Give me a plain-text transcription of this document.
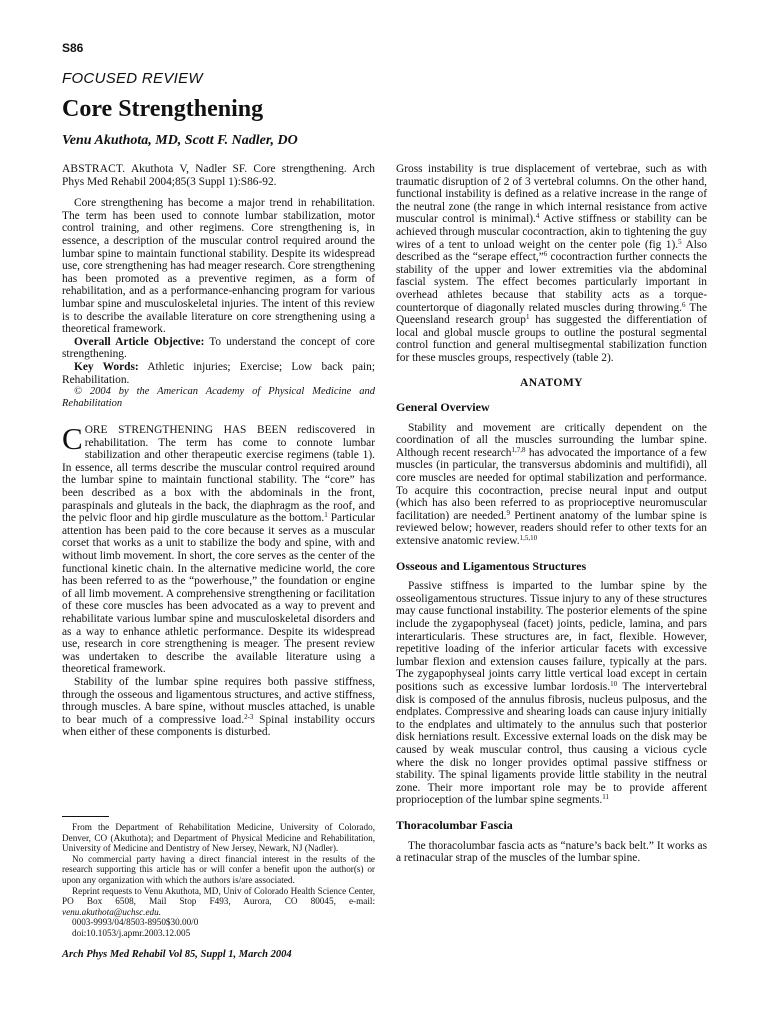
S86
FOCUSED REVIEW
Core Strengthening
Venu Akuthota, MD, Scott F. Nadler, DO

ABSTRACT. Akuthota V, Nadler SF. Core strengthening. Arch Phys Med Rehabil 2004;85(3 Suppl 1):S86-92.

Core strengthening has become a major trend in rehabilitation. The term has been used to connote lumbar stabilization, motor control training, and other regimens. Core strengthening is, in essence, a description of the muscular control required around the lumbar spine to maintain functional stability. Despite its widespread use, core strengthening has had meager research. Core strengthening has been promoted as a preventive regimen, as a form of rehabilitation, and as a performance-enhancing program for various lumbar spine and musculoskeletal injuries. The intent of this review is to describe the available literature on core strengthening using a theoretical framework.

Overall Article Objective: To understand the concept of core strengthening.

Key Words: Athletic injuries; Exercise; Low back pain; Rehabilitation.

© 2004 by the American Academy of Physical Medicine and Rehabilitation

CORE STRENGTHENING HAS BEEN rediscovered in rehabilitation. The term has come to connote lumbar stabilization and other therapeutic exercise regimens (table 1). In essence, all terms describe the muscular control required around the lumbar spine to maintain functional stability. The “core” has been described as a box with the abdominals in the front, paraspinals and gluteals in the back, the diaphragm as the roof, and the pelvic floor and hip girdle musculature as the bottom.$^1$ Particular attention has been paid to the core because it serves as a muscular corset that works as a unit to stabilize the body and spine, with and without limb movement. In short, the core serves as the center of the functional kinetic chain. In the alternative medicine world, the core has been referred to as the “powerhouse,” the foundation or engine of all limb movement. A comprehensive strengthening or facilitation of these core muscles has been advocated as a way to prevent and rehabilitate various lumbar spine and musculoskeletal disorders and as a way to enhance athletic performance. Despite its widespread use, research in core strengthening is meager. The present review was undertaken to describe the available literature using a theoretical framework.

Stability of the lumbar spine requires both passive stiffness, through the osseous and ligamentous structures, and active stiffness, through muscles. A bare spine, without muscles attached, is unable to bear much of a compressive load.$^{2-3}$ Spinal instability occurs when either of these components is disturbed.

From the Department of Rehabilitation Medicine, University of Colorado, Denver, CO (Akuthota); and Department of Physical Medicine and Rehabilitation, University of Medicine and Dentistry of New Jersey, Newark, NJ (Nadler).

No commercial party having a direct financial interest in the results of the research supporting this article has or will confer a benefit upon the author(s) or upon any organization with which the authors is/are associated.

Reprint requests to Venu Akuthota, MD, Univ of Colorado Health Science Center, PO Box 6508, Mail Stop F493, Aurora, CO 80045, e-mail: venu.akuthota@uchsc.edu.

0003-9993/04/8503-8950$30.00/0

doi:10.1053/j.apmr.2003.12.005

Gross instability is true displacement of vertebrae, such as with traumatic disruption of 2 of 3 vertebral columns. On the other hand, functional instability is defined as a relative increase in the range of the neutral zone (the range in which internal resistance from active muscular control is minimal).$^4$ Active stiffness or stability can be achieved through muscular cocontraction, akin to tightening the guy wires of a tent to unload weight on the center pole (fig 1).$^5$ Also described as the “serape effect,”$^6$ cocontraction further connects the stability of the upper and lower extremities via the abdominal fascial system. The effect becomes particularly important in overhead athletes because that stability acts as a torque-countertorque of diagonally related muscles during throwing.$^6$ The Queensland research group$^1$ has suggested the differentiation of local and global muscle groups to outline the postural segmental control function and general multisegmental stabilization function for these muscles groups, respectively (table 2).

ANATOMY
General Overview

Stability and movement are critically dependent on the coordination of all the muscles surrounding the lumbar spine. Although recent research$^{1,7,8}$ has advocated the importance of a few muscles (in particular, the transversus abdominis and multifidi), all core muscles are needed for optimal stabilization and performance. To acquire this cocontraction, precise neural input and output (which has also been referred to as proprioceptive neuromuscular facilitation) are needed.$^9$ Pertinent anatomy of the lumbar spine is reviewed below; however, readers should refer to other texts for an extensive anatomic review.$^{1,5,10}$

Osseous and Ligamentous Structures

Passive stiffness is imparted to the lumbar spine by the osseoligamentous structures. Tissue injury to any of these structures may cause functional instability. The posterior elements of the spine include the zygapophyseal (facet) joints, pedicle, lamina, and pars interarticularis. These structures are, in fact, flexible. However, repetitive loading of the inferior articular facets with excessive lumbar flexion and extension causes failure, typically at the pars. The zygapophyseal joints carry little vertical load except in certain positions such as excessive lumbar lordosis.$^{10}$ The intervertebral disk is composed of the annulus fibrosis, nucleus pulposus, and the endplates. Compressive and shearing loads can cause injury initially to the endplates and ultimately to the annulus such that posterior disk herniations result. Excessive external loads on the disk may be caused by weak muscular control, thus causing a vicious cycle where the disk no longer provides optimal passive stiffness or stability. The spinal ligaments provide little stability in the neutral zone. Their more important role may be to provide afferent proprioception of the lumbar spine segments.$^{11}$

Thoracolumbar Fascia

The thoracolumbar fascia acts as “nature’s back belt.” It works as a retinacular strap of the muscles of the lumbar spine.

Arch Phys Med Rehabil Vol 85, Suppl 1, March 2004
